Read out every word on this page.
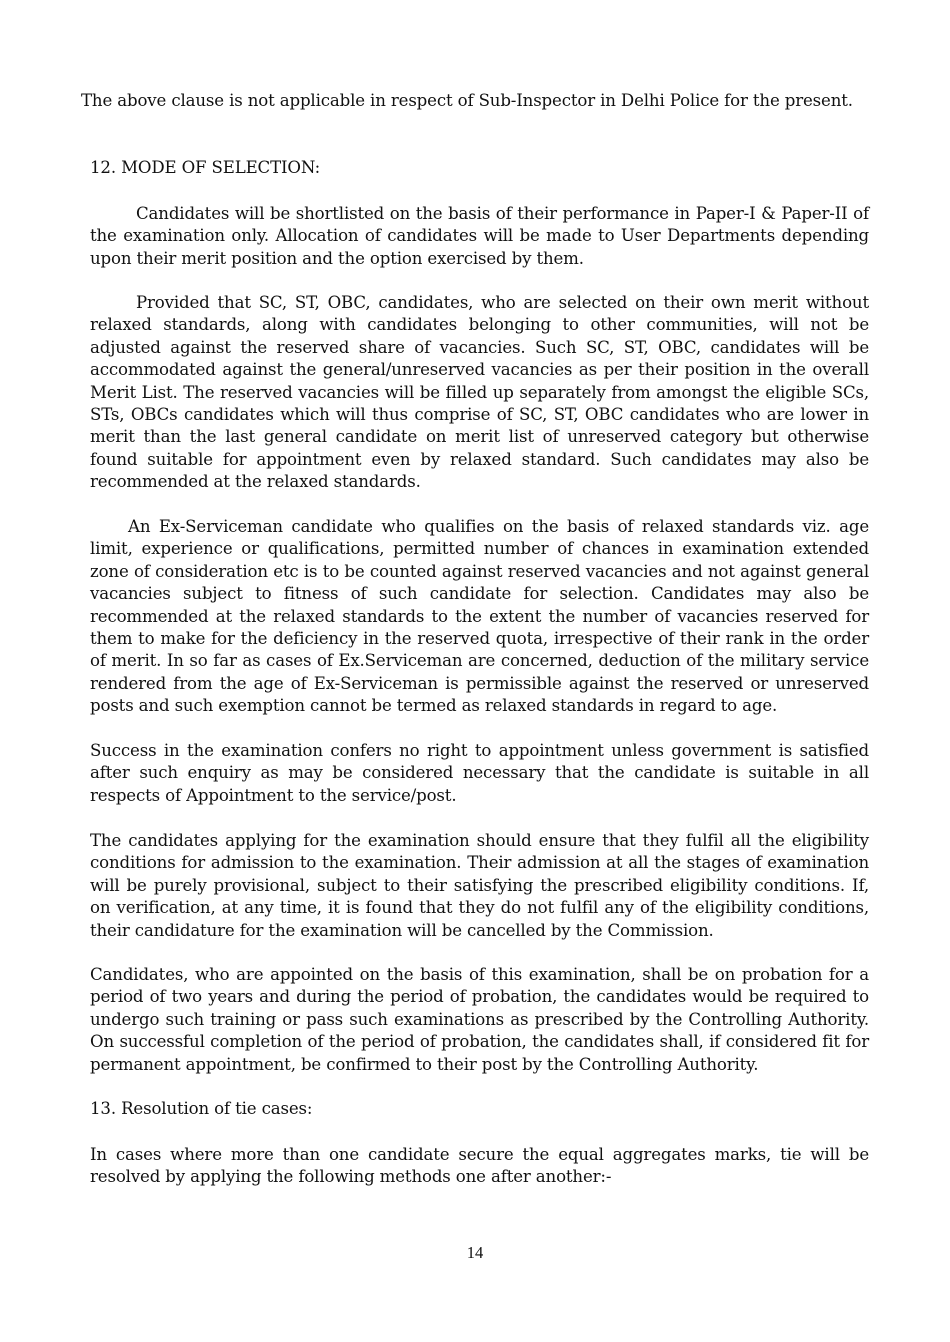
The above clause is not applicable in respect of Sub-Inspector in Delhi Police for the present.

12. MODE OF SELECTION:

Candidates will be shortlisted on the basis of their performance in Paper-I & Paper-II of the examination only. Allocation of candidates will be made to User Departments depending upon their merit position and the option exercised by them.

Provided that SC, ST, OBC, candidates, who are selected on their own merit without relaxed standards, along with candidates belonging to other communities, will not be adjusted against the reserved share of vacancies. Such SC, ST, OBC, candidates will be accommodated against the general/unreserved vacancies as per their position in the overall Merit List. The reserved vacancies will be filled up separately from amongst the eligible SCs, STs, OBCs candidates which will thus comprise of SC, ST, OBC candidates who are lower in merit than the last general candidate on merit list of unreserved category but otherwise found suitable for appointment even by relaxed standard. Such candidates may also be recommended at the relaxed standards.

An Ex-Serviceman candidate who qualifies on the basis of relaxed standards viz. age limit, experience or qualifications, permitted number of chances in examination extended zone of consideration etc is to be counted against reserved vacancies and not against general vacancies subject to fitness of such candidate for selection. Candidates may also be recommended at the relaxed standards to the extent the number of vacancies reserved for them to make for the deficiency in the reserved quota, irrespective of their rank in the order of merit. In so far as cases of Ex.Serviceman are concerned, deduction of the military service rendered from the age of Ex-Serviceman is permissible against the reserved or unreserved posts and such exemption cannot be termed as relaxed standards in regard to age.

Success in the examination confers no right to appointment unless government is satisfied after such enquiry as may be considered necessary that the candidate is suitable in all respects of Appointment to the service/post.

The candidates applying for the examination should ensure that they fulfil all the eligibility conditions for admission to the examination. Their admission at all the stages of examination will be purely provisional, subject to their satisfying the prescribed eligibility conditions. If, on verification, at any time, it is found that they do not fulfil any of the eligibility conditions, their candidature for the examination will be cancelled by the Commission.

Candidates, who are appointed on the basis of this examination, shall be on probation for a period of two years and during the period of probation, the candidates would be required to undergo such training or pass such examinations as prescribed by the Controlling Authority. On successful completion of the period of probation, the candidates shall, if considered fit for permanent appointment, be confirmed to their post by the Controlling Authority.

13. Resolution of tie cases:

In cases where more than one candidate secure the equal aggregates marks, tie will be resolved by applying the following methods one after another:-

14
